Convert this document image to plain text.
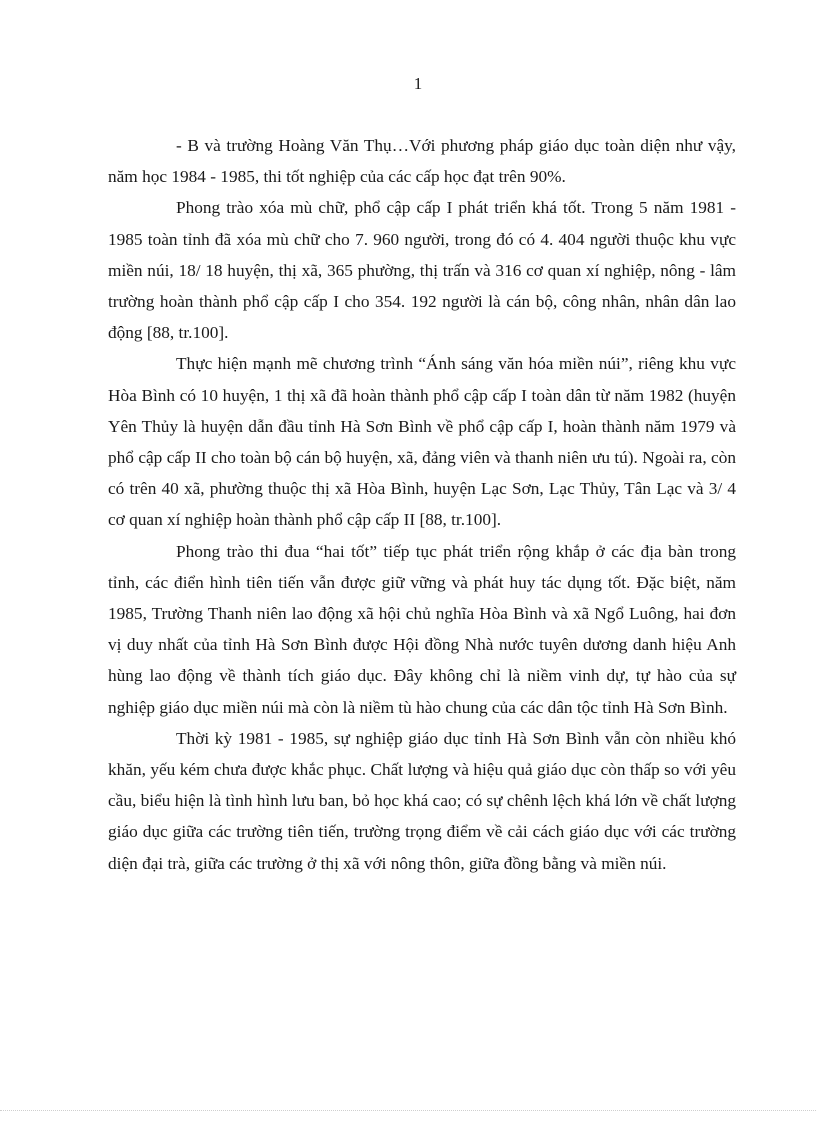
1

- B và trường Hoàng Văn Thụ…Với phương pháp giáo dục toàn diện như vậy, năm học 1984 - 1985, thi tốt nghiệp của các cấp học đạt trên 90%.

Phong trào xóa mù chữ, phổ cập cấp I phát triển khá tốt. Trong 5 năm 1981 - 1985 toàn tỉnh đã xóa mù chữ cho 7. 960 người, trong đó có 4. 404 người thuộc khu vực miền núi, 18/ 18 huyện, thị xã, 365 phường, thị trấn và 316 cơ quan xí nghiệp, nông - lâm trường hoàn thành phổ cập cấp I cho 354. 192 người là cán bộ, công nhân, nhân dân lao động [88, tr.100].

Thực hiện mạnh mẽ chương trình “Ánh sáng văn hóa miền núi”, riêng khu vực Hòa Bình có 10 huyện, 1 thị xã đã hoàn thành phổ cập cấp I toàn dân từ năm 1982 (huyện Yên Thủy là huyện dẫn đầu tỉnh Hà Sơn Bình về phổ cập cấp I, hoàn thành năm 1979 và phổ cập cấp II cho toàn bộ cán bộ huyện, xã, đảng viên và thanh niên ưu tú). Ngoài ra, còn có trên 40 xã, phường thuộc thị xã Hòa Bình, huyện Lạc Sơn, Lạc Thủy, Tân Lạc và 3/ 4 cơ quan xí nghiệp hoàn thành phổ cập cấp II [88, tr.100].

Phong trào thi đua “hai tốt” tiếp tục phát triển rộng khắp ở các địa bàn trong tỉnh, các điển hình tiên tiến vẫn được giữ vững và phát huy tác dụng tốt. Đặc biệt, năm 1985, Trường Thanh niên lao động xã hội chủ nghĩa Hòa Bình và xã Ngổ Luông, hai đơn vị duy nhất của tỉnh Hà Sơn Bình được Hội đồng Nhà nước tuyên dương danh hiệu Anh hùng lao động về thành tích giáo dục. Đây không chỉ là niềm vinh dự, tự hào của sự nghiệp giáo dục miền núi mà còn là niềm tù hào chung của các dân tộc tỉnh Hà Sơn Bình.

Thời kỳ 1981 - 1985, sự nghiệp giáo dục tỉnh Hà Sơn Bình vẫn còn nhiều khó khăn, yếu kém chưa được khắc phục. Chất lượng và hiệu quả giáo dục còn thấp so với yêu cầu, biểu hiện là tình hình lưu ban, bỏ học khá cao; có sự chênh lệch khá lớn về chất lượng giáo dục giữa các trường tiên tiến, trường trọng điểm về cải cách giáo dục với các trường diện đại trà, giữa các trường ở thị xã với nông thôn, giữa đồng bằng và miền núi.
